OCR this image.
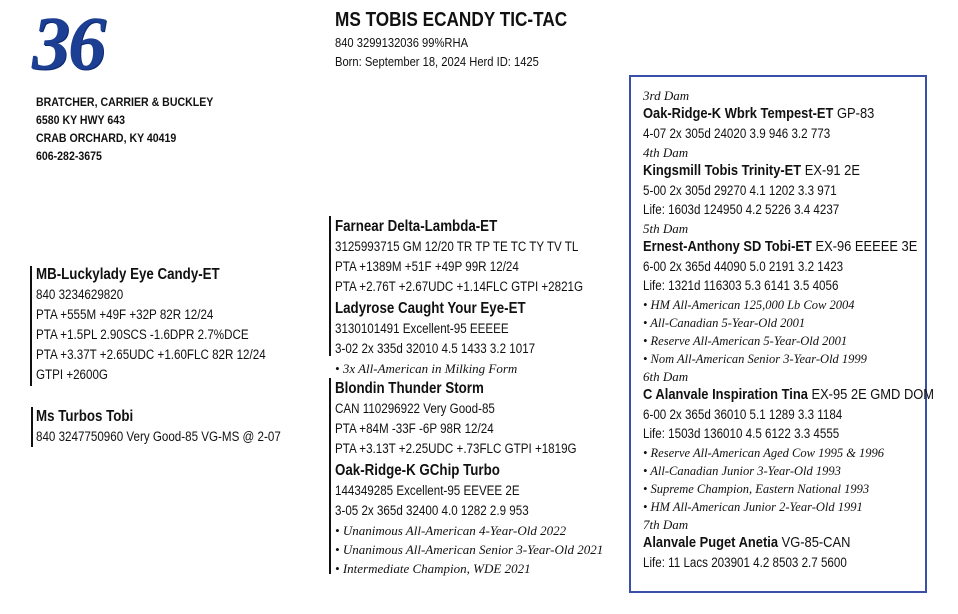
36
BRATCHER, CARRIER & BUCKLEY
6580 KY HWY 643
CRAB ORCHARD, KY 40419
606-282-3675
MS TOBIS ECANDY TIC-TAC
840 3299132036 99%RHA
Born: September 18, 2024 Herd ID: 1425
MB-Luckylady Eye Candy-ET
840 3234629820
PTA +555M +49F +32P 82R 12/24
PTA +1.5PL 2.90SCS -1.6DPR 2.7%DCE
PTA +3.37T +2.65UDC +1.60FLC 82R 12/24
GTPI +2600G
Ms Turbos Tobi
840 3247750960 Very Good-85 VG-MS @ 2-07
Farnear Delta-Lambda-ET
3125993715 GM 12/20 TR TP TE TC TY TV TL
PTA +1389M +51F +49P 99R 12/24
PTA +2.76T +2.67UDC +1.14FLC GTPI +2821G
Ladyrose Caught Your Eye-ET
3130101491 Excellent-95 EEEEE
3-02 2x 335d 32010 4.5 1433 3.2 1017
• 3x All-American in Milking Form
Blondin Thunder Storm
CAN 110296922 Very Good-85
PTA +84M -33F -6P 98R 12/24
PTA +3.13T +2.25UDC +.73FLC GTPI +1819G
Oak-Ridge-K GChip Turbo
144349285 Excellent-95 EEVEE 2E
3-05 2x 365d 32400 4.0 1282 2.9 953
• Unanimous All-American 4-Year-Old 2022
• Unanimous All-American Senior 3-Year-Old 2021
• Intermediate Champion, WDE 2021
3rd Dam
Oak-Ridge-K Wbrk Tempest-ET GP-83
4-07 2x 305d 24020 3.9 946 3.2 773
4th Dam
Kingsmill Tobis Trinity-ET EX-91 2E
5-00 2x 305d 29270 4.1 1202 3.3 971
Life: 1603d 124950 4.2 5226 3.4 4237
5th Dam
Ernest-Anthony SD Tobi-ET EX-96 EEEEE 3E
6-00 2x 365d 44090 5.0 2191 3.2 1423
Life: 1321d 116303 5.3 6141 3.5 4056
• HM All-American 125,000 Lb Cow 2004
• All-Canadian 5-Year-Old 2001
• Reserve All-American 5-Year-Old 2001
• Nom All-American Senior 3-Year-Old 1999
6th Dam
C Alanvale Inspiration Tina EX-95 2E GMD DOM
6-00 2x 365d 36010 5.1 1289 3.3 1184
Life: 1503d 136010 4.5 6122 3.3 4555
• Reserve All-American Aged Cow 1995 & 1996
• All-Canadian Junior 3-Year-Old 1993
• Supreme Champion, Eastern National 1993
• HM All-American Junior 2-Year-Old 1991
7th Dam
Alanvale Puget Anetia VG-85-CAN
Life: 11 Lacs 203901 4.2 8503 2.7 5600
